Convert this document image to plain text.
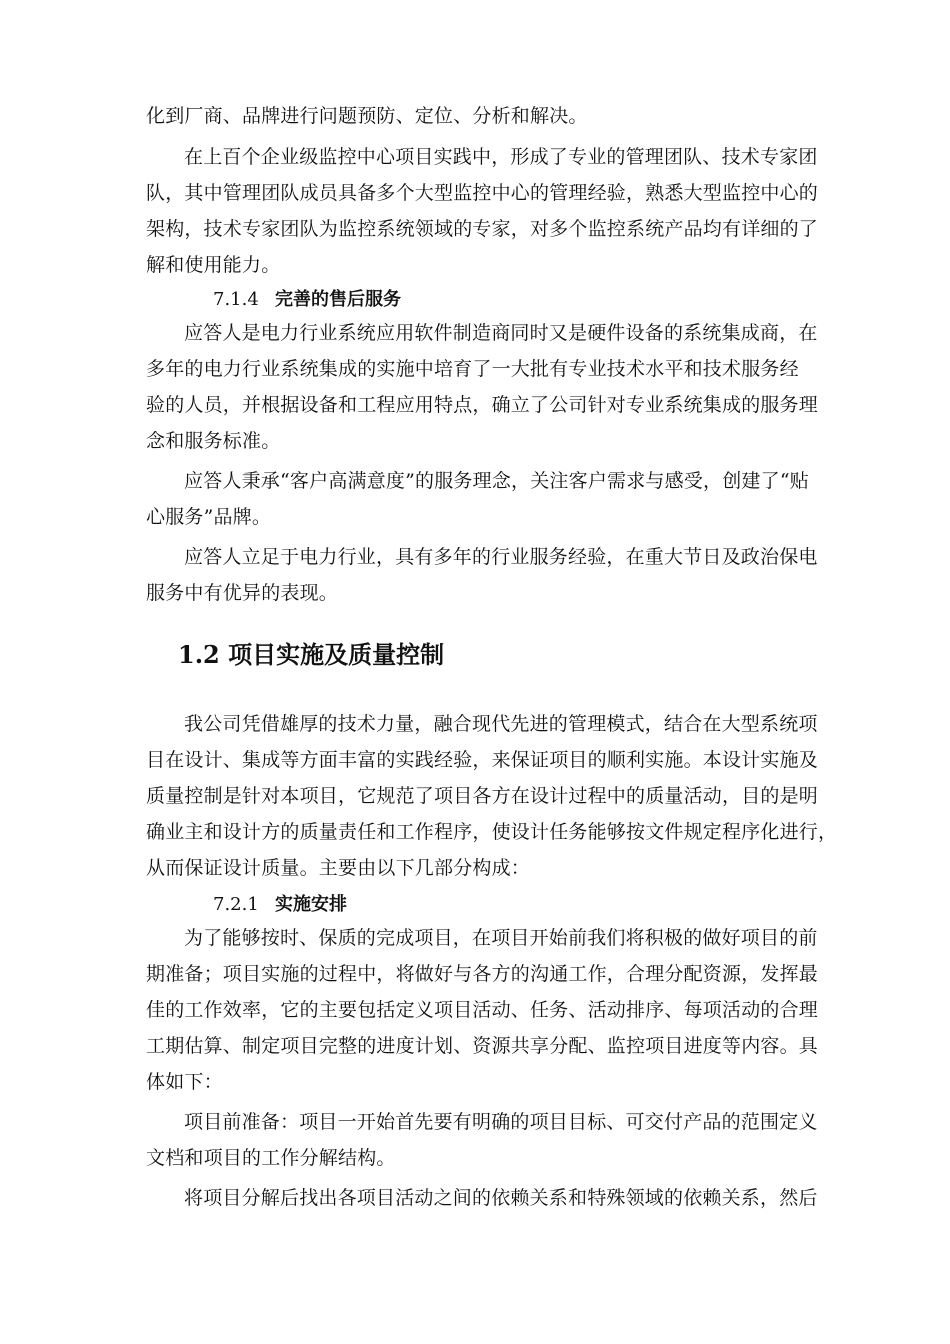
化到厂商、品牌进行问题预防、定位、分析和解决。
在上百个企业级监控中心项目实践中，形成了专业的管理团队、技术专家团
队，其中管理团队成员具备多个大型监控中心的管理经验，熟悉大型监控中心的
架构，技术专家团队为监控系统领域的专家，对多个监控系统产品均有详细的了
解和使用能力。
7.1.4 完善的售后服务
应答人是电力行业系统应用软件制造商同时又是硬件设备的系统集成商，在
多年的电力行业系统集成的实施中培育了一大批有专业技术水平和技术服务经
验的人员，并根据设备和工程应用特点，确立了公司针对专业系统集成的服务理
念和服务标准。
应答人秉承“客户高满意度”的服务理念，关注客户需求与感受，创建了“贴
心服务”品牌。
应答人立足于电力行业，具有多年的行业服务经验，在重大节日及政治保电
服务中有优异的表现。
1.2 项目实施及质量控制
我公司凭借雄厚的技术力量，融合现代先进的管理模式，结合在大型系统项
目在设计、集成等方面丰富的实践经验，来保证项目的顺利实施。本设计实施及
质量控制是针对本项目，它规范了项目各方在设计过程中的质量活动，目的是明
确业主和设计方的质量责任和工作程序，使设计任务能够按文件规定程序化进行，
从而保证设计质量。主要由以下几部分构成：
7.2.1 实施安排
为了能够按时、保质的完成项目，在项目开始前我们将积极的做好项目的前
期准备；项目实施的过程中，将做好与各方的沟通工作，合理分配资源，发挥最
佳的工作效率，它的主要包括定义项目活动、任务、活动排序、每项活动的合理
工期估算、制定项目完整的进度计划、资源共享分配、监控项目进度等内容。具
体如下：
项目前准备：项目一开始首先要有明确的项目目标、可交付产品的范围定义
文档和项目的工作分解结构。
将项目分解后找出各项目活动之间的依赖关系和特殊领域的依赖关系，然后
